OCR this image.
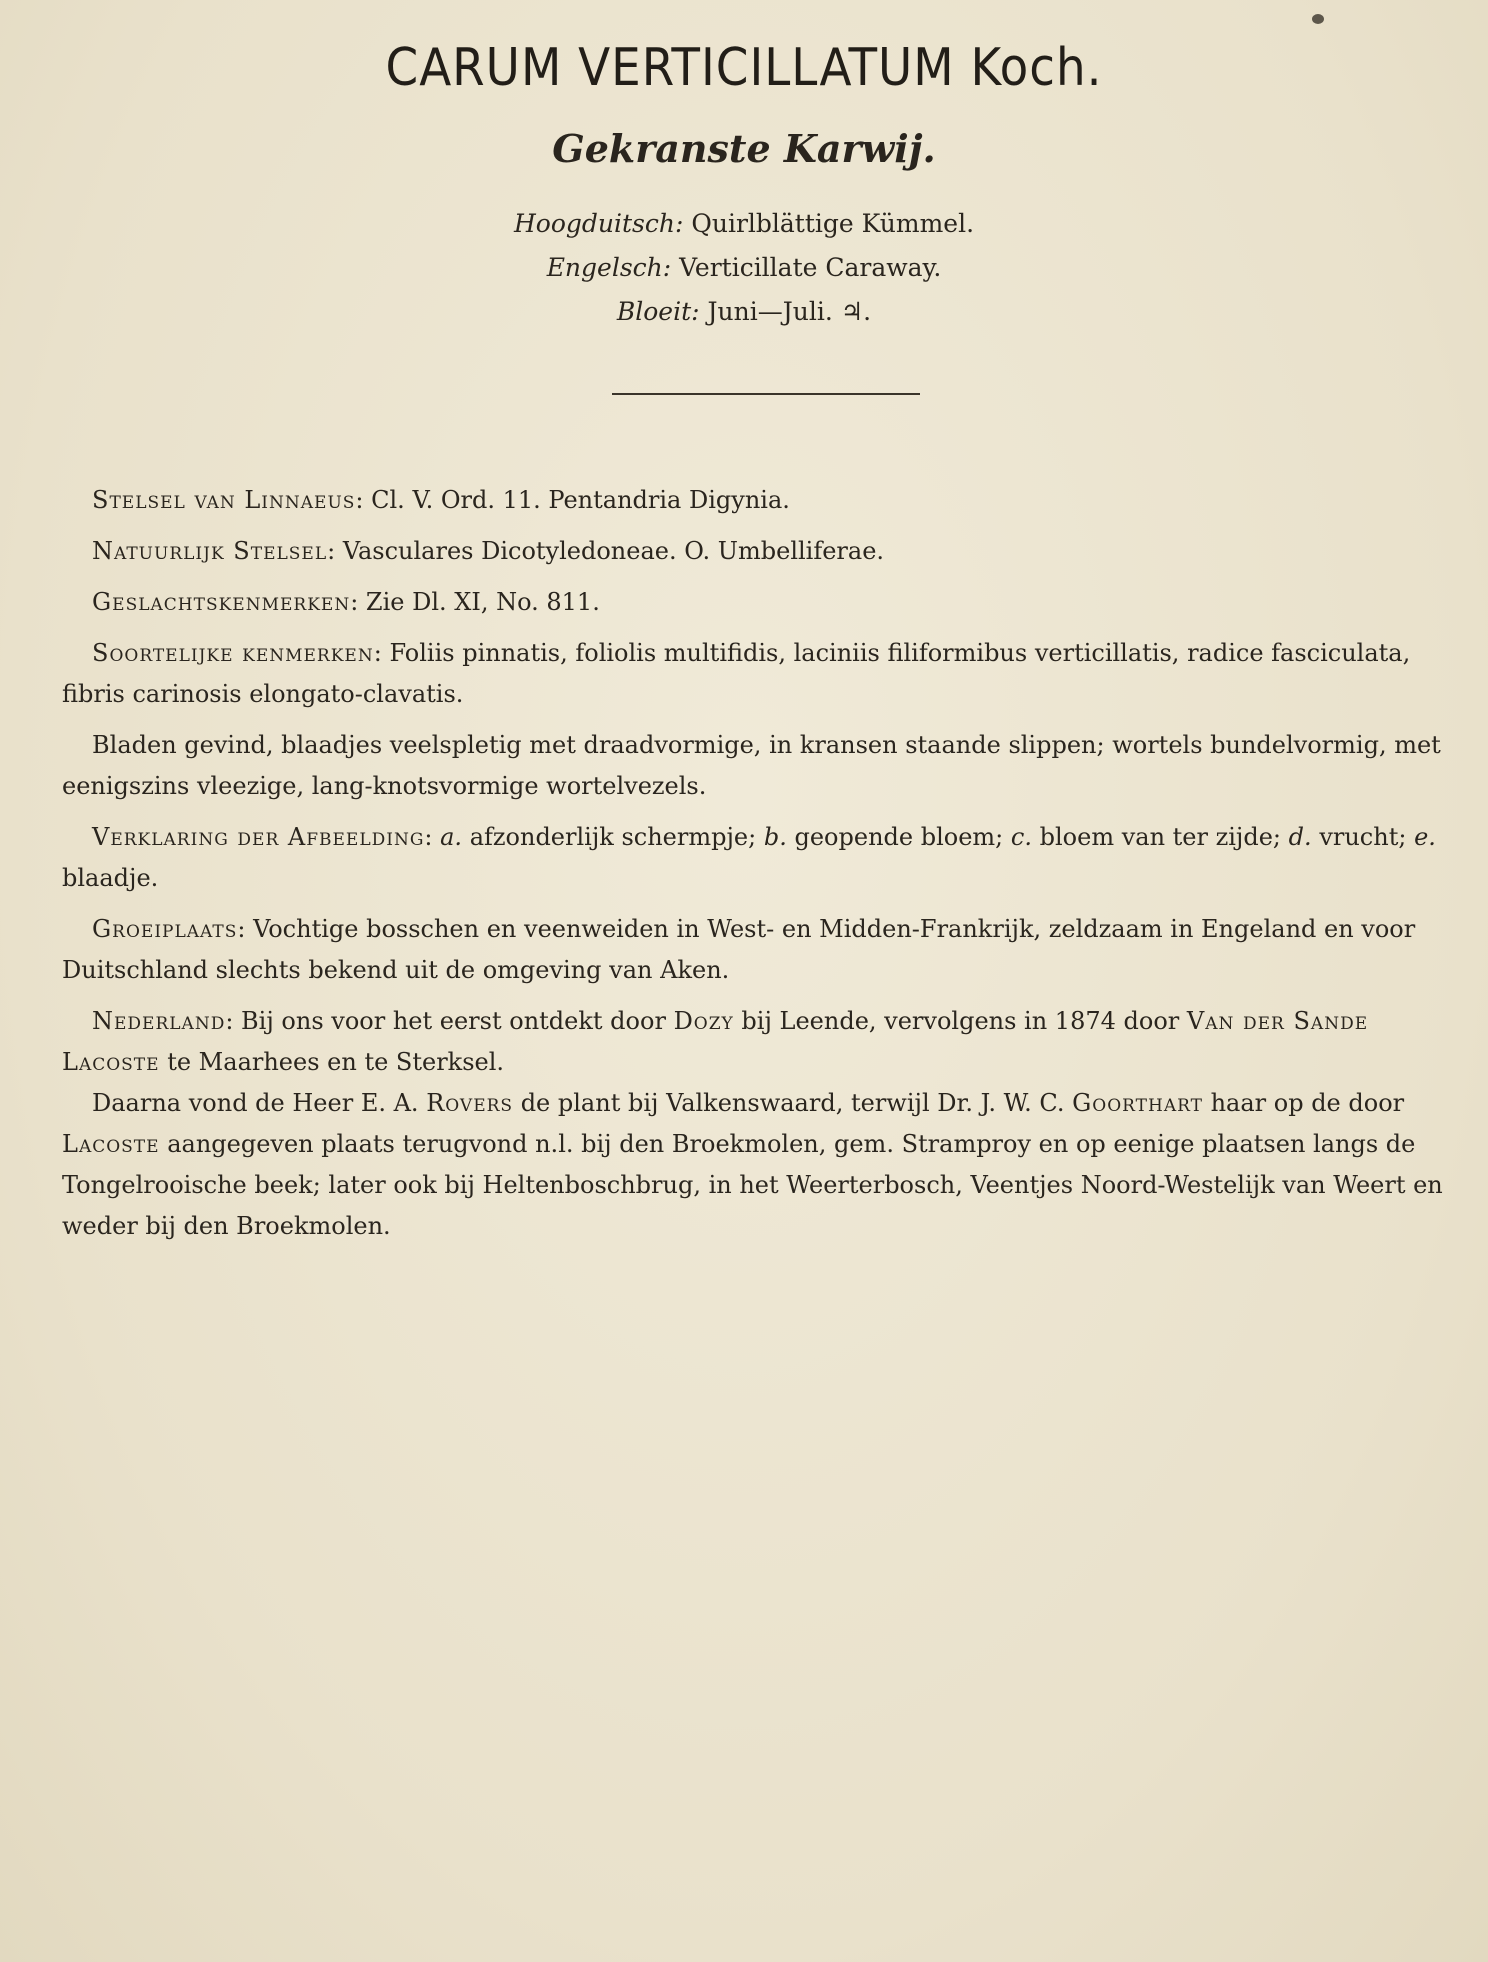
CARUM VERTICILLATUM Koch.
Gekranste Karwij.
Hoogduitsch: Quirlblättige Kümmel.
Engelsch: Verticillate Caraway.
Bloeit: Juni—Juli. ♃.

Stelsel van Linnaeus: Cl. V. Ord. 11. Pentandria Digynia.

Natuurlijk Stelsel: Vasculares Dicotyledoneae. O. Umbelliferae.

Geslachtskenmerken: Zie Dl. XI, No. 811.

Soortelijke kenmerken: Foliis pinnatis, foliolis multifidis, laciniis filiformibus verticillatis, radice fasciculata, fibris carinosis elongato-clavatis.

Bladen gevind, blaadjes veelspletig met draadvormige, in kransen staande slippen; wortels bundelvormig, met eenigszins vleezige, lang-knotsvormige wortelvezels.

Verklaring der Afbeelding: a. afzonderlijk schermpje; b. geopende bloem; c. bloem van ter zijde; d. vrucht; e. blaadje.

Groeiplaats: Vochtige bosschen en veenweiden in West- en Midden-Frankrijk, zeldzaam in Engeland en voor Duitschland slechts bekend uit de omgeving van Aken.

Nederland: Bij ons voor het eerst ontdekt door Dozy bij Leende, vervolgens in 1874 door Van der Sande Lacoste te Maarhees en te Sterksel.

Daarna vond de Heer E. A. Rovers de plant bij Valkenswaard, terwijl Dr. J. W. C. Goorthart haar op de door Lacoste aangegeven plaats terugvond n.l. bij den Broekmolen, gem. Stramproy en op eenige plaatsen langs de Tongelrooische beek; later ook bij Heltenboschbrug, in het Weerterbosch, Veentjes Noord-Westelijk van Weert en weder bij den Broekmolen.
